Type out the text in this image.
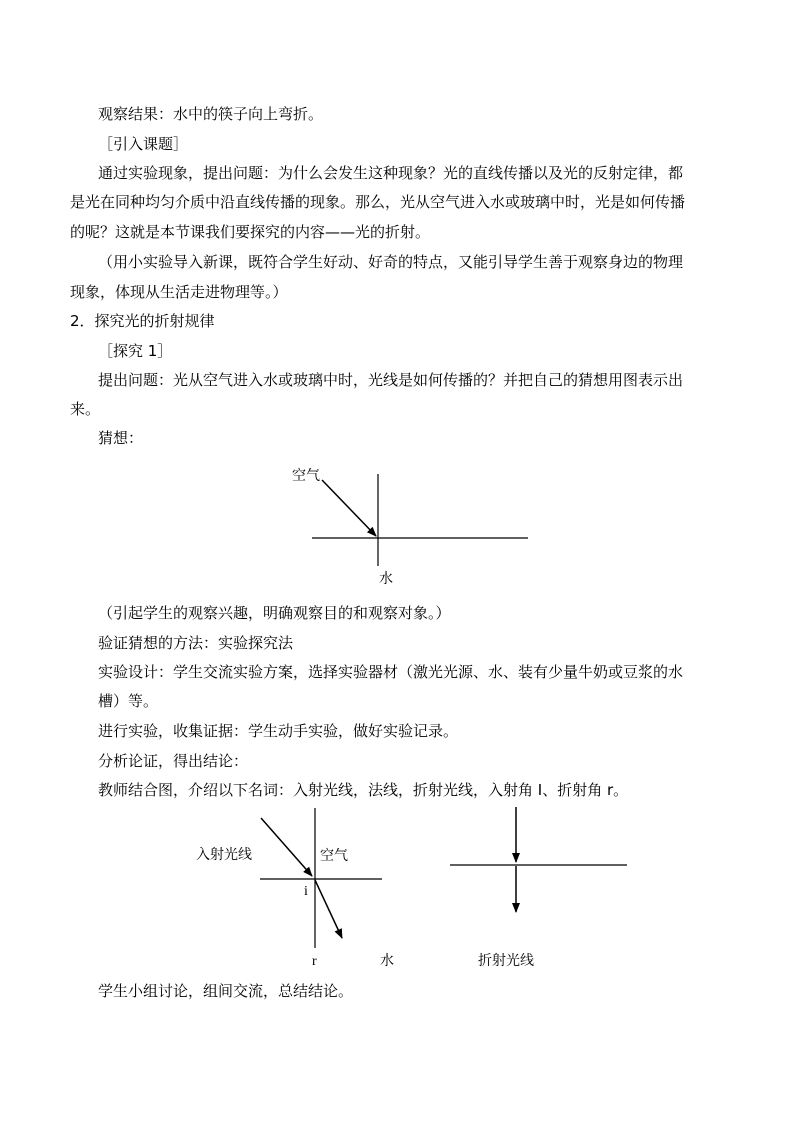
观察结果：水中的筷子向上弯折。
［引入课题］
通过实验现象，提出问题：为什么会发生这种现象？光的直线传播以及光的反射定律，都
是光在同种均匀介质中沿直线传播的现象。那么，光从空气进入水或玻璃中时，光是如何传播
的呢？这就是本节课我们要探究的内容——光的折射。
（用小实验导入新课，既符合学生好动、好奇的特点，又能引导学生善于观察身边的物理
现象，体现从生活走进物理等。）
2．探究光的折射规律
［探究 1］
提出问题：光从空气进入水或玻璃中时，光线是如何传播的？并把自己的猜想用图表示出
来。
猜想：
空气
水
（引起学生的观察兴趣，明确观察目的和观察对象。）
验证猜想的方法：实验探究法
实验设计：学生交流实验方案，选择实验器材（激光光源、水、装有少量牛奶或豆浆的水
槽）等。
进行实验，收集证据：学生动手实验，做好实验记录。
分析论证，得出结论：
教师结合图，介绍以下名词：入射光线，法线，折射光线，入射角 I、折射角 r。
入射光线	空气
i
r	水	折射光线
学生小组讨论，组间交流，总结结论。
